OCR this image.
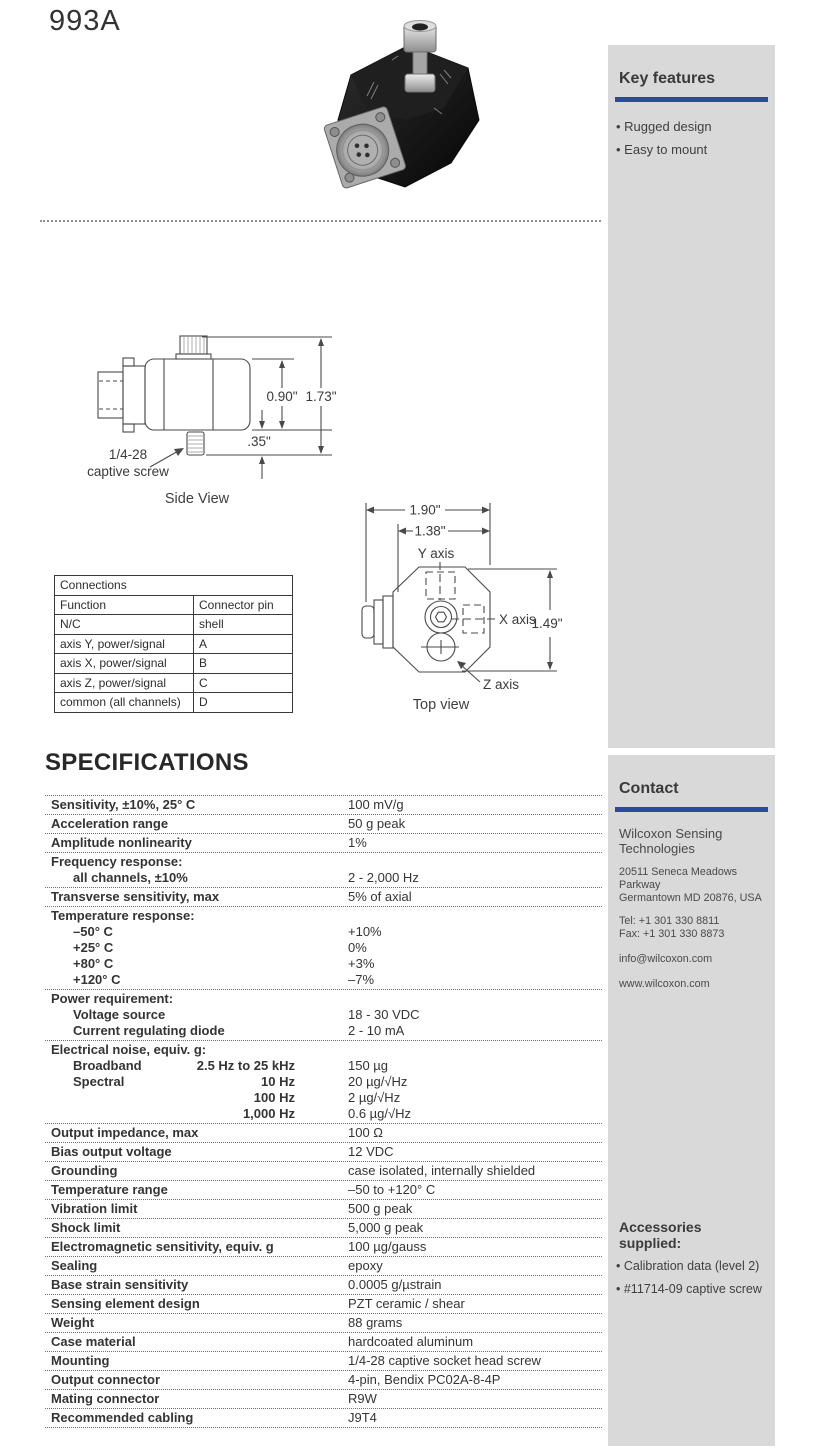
993A
Key features
• Rugged design
• Easy to mount
0.90" 1.73"
.35"
1/4-28
captive screw
Side View
1.90"
1.38"
1.49"
Y axis
X axis
Z axis
Top view
Connections	
Function	Connector pin
N/C	shell
axis Y, power/signal	A
axis X, power/signal	B
axis Z, power/signal	C
common (all channels)	D
SPECIFICATIONS
Sensitivity, ±10%, 25° C	100 mV/g
Acceleration range	50 g peak
Amplitude nonlinearity	1%
Frequency response:
all channels, ±10%	2 - 2,000 Hz
Transverse sensitivity, max	5% of axial
Temperature response:
–50° C	+10%
+25° C	0%
+80° C	+3%
+120° C	–7%
Power requirement:
Voltage source	18 - 30 VDC
Current regulating diode	2 - 10 mA
Electrical noise, equiv. g:
Broadband	2.5 Hz to 25 kHz	150 µg
Spectral	10 Hz	20 µg/√Hz
100 Hz	2 µg/√Hz
1,000 Hz	0.6 µg/√Hz
Output impedance, max	100 Ω
Bias output voltage	12 VDC
Grounding	case isolated, internally shielded
Temperature range	–50 to +120° C
Vibration limit	500 g peak
Shock limit	5,000 g peak
Electromagnetic sensitivity, equiv. g	100 µg/gauss
Sealing	epoxy
Base strain sensitivity	0.0005 g/µstrain
Sensing element design	PZT ceramic / shear
Weight	88 grams
Case material	hardcoated aluminum
Mounting	1/4-28 captive socket head screw
Output connector	4-pin, Bendix PC02A-8-4P
Mating connector	R9W
Recommended cabling	J9T4
Contact
Wilcoxon Sensing
Technologies
20511 Seneca Meadows Parkway
Germantown MD 20876, USA
Tel: +1 301 330 8811
Fax: +1 301 330 8873
info@wilcoxon.com
www.wilcoxon.com
Accessories supplied:
• Calibration data (level 2)
• #11714-09 captive screw
